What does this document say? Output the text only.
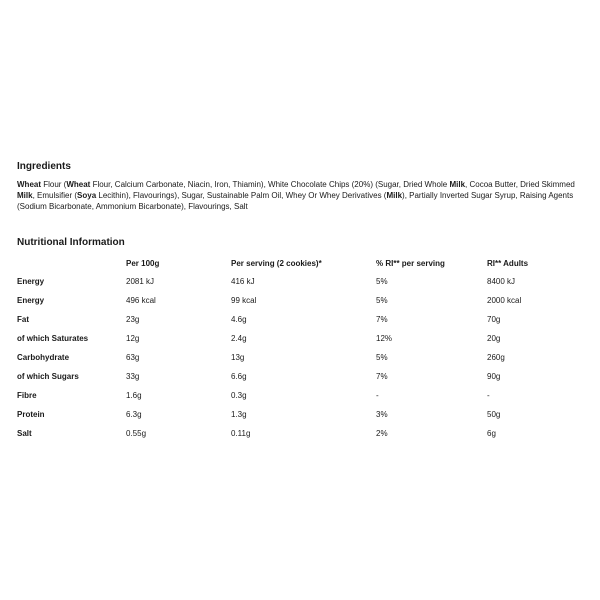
Ingredients

Wheat Flour (Wheat Flour, Calcium Carbonate, Niacin, Iron, Thiamin), White Chocolate Chips (20%) (Sugar, Dried Whole Milk, Cocoa Butter, Dried Skimmed Milk, Emulsifier (Soya Lecithin), Flavourings), Sugar, Sustainable Palm Oil, Whey Or Whey Derivatives (Milk), Partially Inverted Sugar Syrup, Raising Agents (Sodium Bicarbonate, Ammonium Bicarbonate), Flavourings, Salt

Nutritional Information
	Per 100g	Per serving (2 cookies)*	% RI** per serving	RI** Adults
Energy	2081 kJ	416 kJ	5%	8400 kJ
Energy	496 kcal	99 kcal	5%	2000 kcal
Fat	23g	4.6g	7%	70g
of which Saturates	12g	2.4g	12%	20g
Carbohydrate	63g	13g	5%	260g
of which Sugars	33g	6.6g	7%	90g
Fibre	1.6g	0.3g	-	-
Protein	6.3g	1.3g	3%	50g
Salt	0.55g	0.11g	2%	6g
